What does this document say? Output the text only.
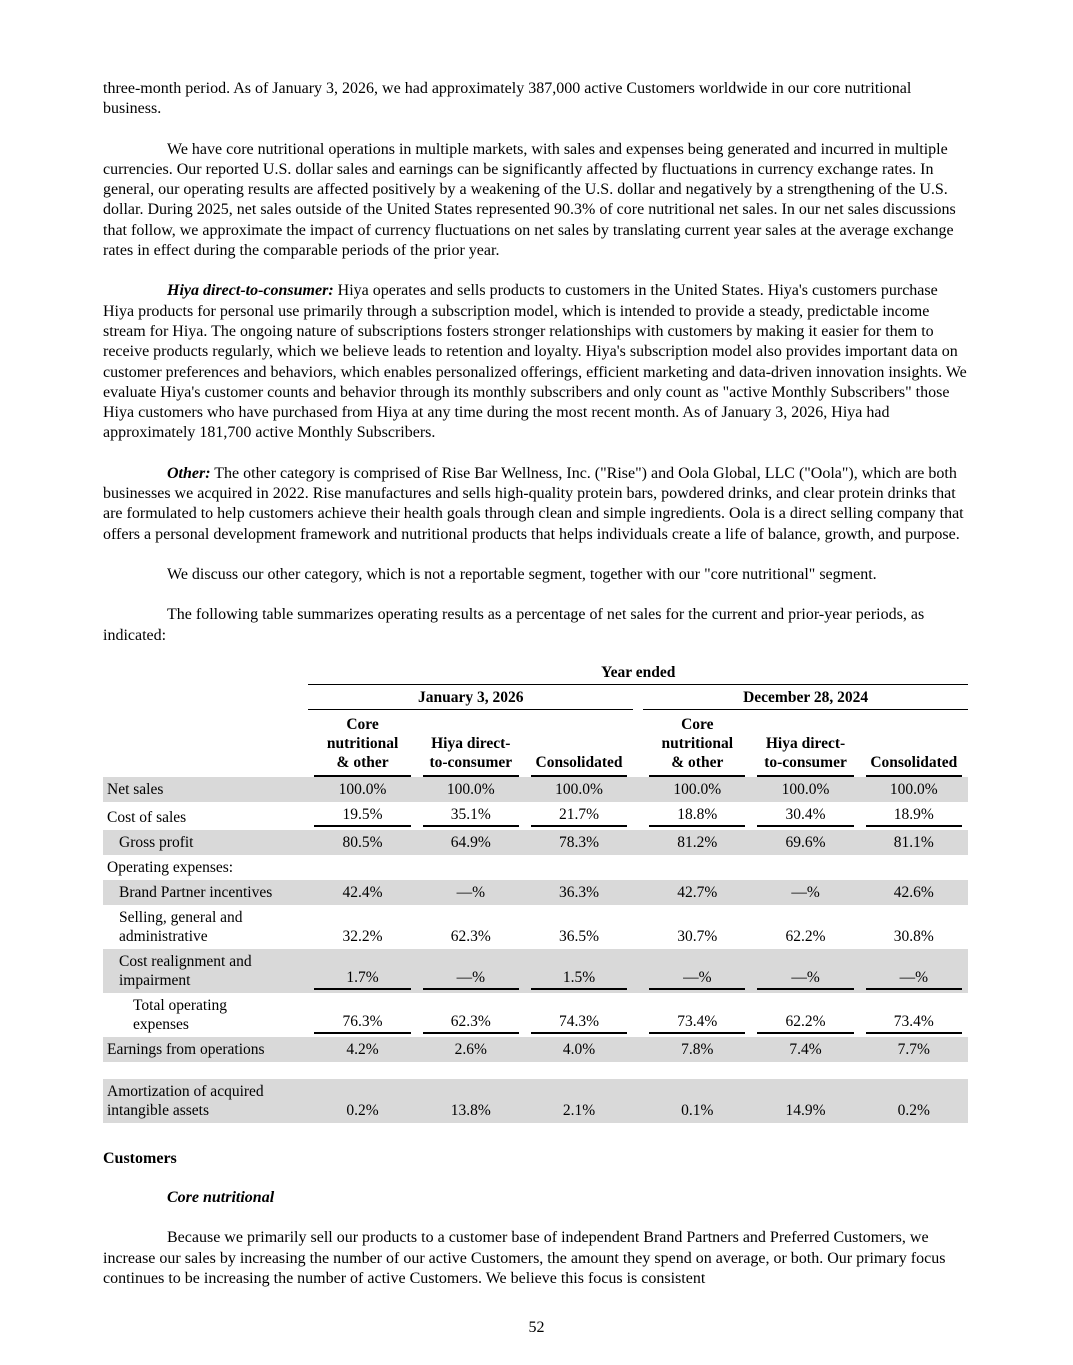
three-month period. As of January 3, 2026, we had approximately 387,000 active Customers worldwide in our core nutritional business.

We have core nutritional operations in multiple markets, with sales and expenses being generated and incurred in multiple currencies. Our reported U.S. dollar sales and earnings can be significantly affected by fluctuations in currency exchange rates. In general, our operating results are affected positively by a weakening of the U.S. dollar and negatively by a strengthening of the U.S. dollar. During 2025, net sales outside of the United States represented 90.3% of core nutritional net sales. In our net sales discussions that follow, we approximate the impact of currency fluctuations on net sales by translating current year sales at the average exchange rates in effect during the comparable periods of the prior year.

Hiya direct-to-consumer: Hiya operates and sells products to customers in the United States. Hiya's customers purchase Hiya products for personal use primarily through a subscription model, which is intended to provide a steady, predictable income stream for Hiya. The ongoing nature of subscriptions fosters stronger relationships with customers by making it easier for them to receive products regularly, which we believe leads to retention and loyalty. Hiya's subscription model also provides important data on customer preferences and behaviors, which enables personalized offerings, efficient marketing and data-driven innovation insights. We evaluate Hiya's customer counts and behavior through its monthly subscribers and only count as "active Monthly Subscribers" those Hiya customers who have purchased from Hiya at any time during the most recent month. As of January 3, 2026, Hiya had approximately 181,700 active Monthly Subscribers.

Other: The other category is comprised of Rise Bar Wellness, Inc. ("Rise") and Oola Global, LLC ("Oola"), which are both businesses we acquired in 2022. Rise manufactures and sells high-quality protein bars, powdered drinks, and clear protein drinks that are formulated to help customers achieve their health goals through clean and simple ingredients. Oola is a direct selling company that offers a personal development framework and nutritional products that helps individuals create a life of balance, growth, and purpose.

We discuss our other category, which is not a reportable segment, together with our "core nutritional" segment.

The following table summarizes operating results as a percentage of net sales for the current and prior-year periods, as indicated:

	Year ended						
	January 3, 2026				December 28, 2024		

	Core
nutritional
& other	Hiya direct-
to-consumer	Consolidated		Core
nutritional
& other	Hiya direct-
to-consumer	Consolidated

Net sales	100.0%	100.0%	100.0%		100.0%	100.0%	100.0%

Cost of sales	19.5%	35.1%	21.7%		18.8%	30.4%	18.9%

Gross profit	80.5%	64.9%	78.3%		81.2%	69.6%	81.1%

Operating expenses:							

Brand Partner incentives	42.4%	—%	36.3%		42.7%	—%	42.6%

Selling, general and administrative	32.2%	62.3%	36.5%		30.7%	62.2%	30.8%

Cost realignment and impairment	1.7%	—%	1.5%		—%	—%	—%

Total operating expenses	76.3%	62.3%	74.3%		73.4%	62.2%	73.4%

Earnings from operations	4.2%	2.6%	4.0%		7.8%	7.4%	7.7%

Amortization of acquired intangible assets	0.2%	13.8%	2.1%		0.1%	14.9%	0.2%
Customers

Core nutritional

Because we primarily sell our products to a customer base of independent Brand Partners and Preferred Customers, we increase our sales by increasing the number of our active Customers, the amount they spend on average, or both. Our primary focus continues to be increasing the number of active Customers. We believe this focus is consistent

52
